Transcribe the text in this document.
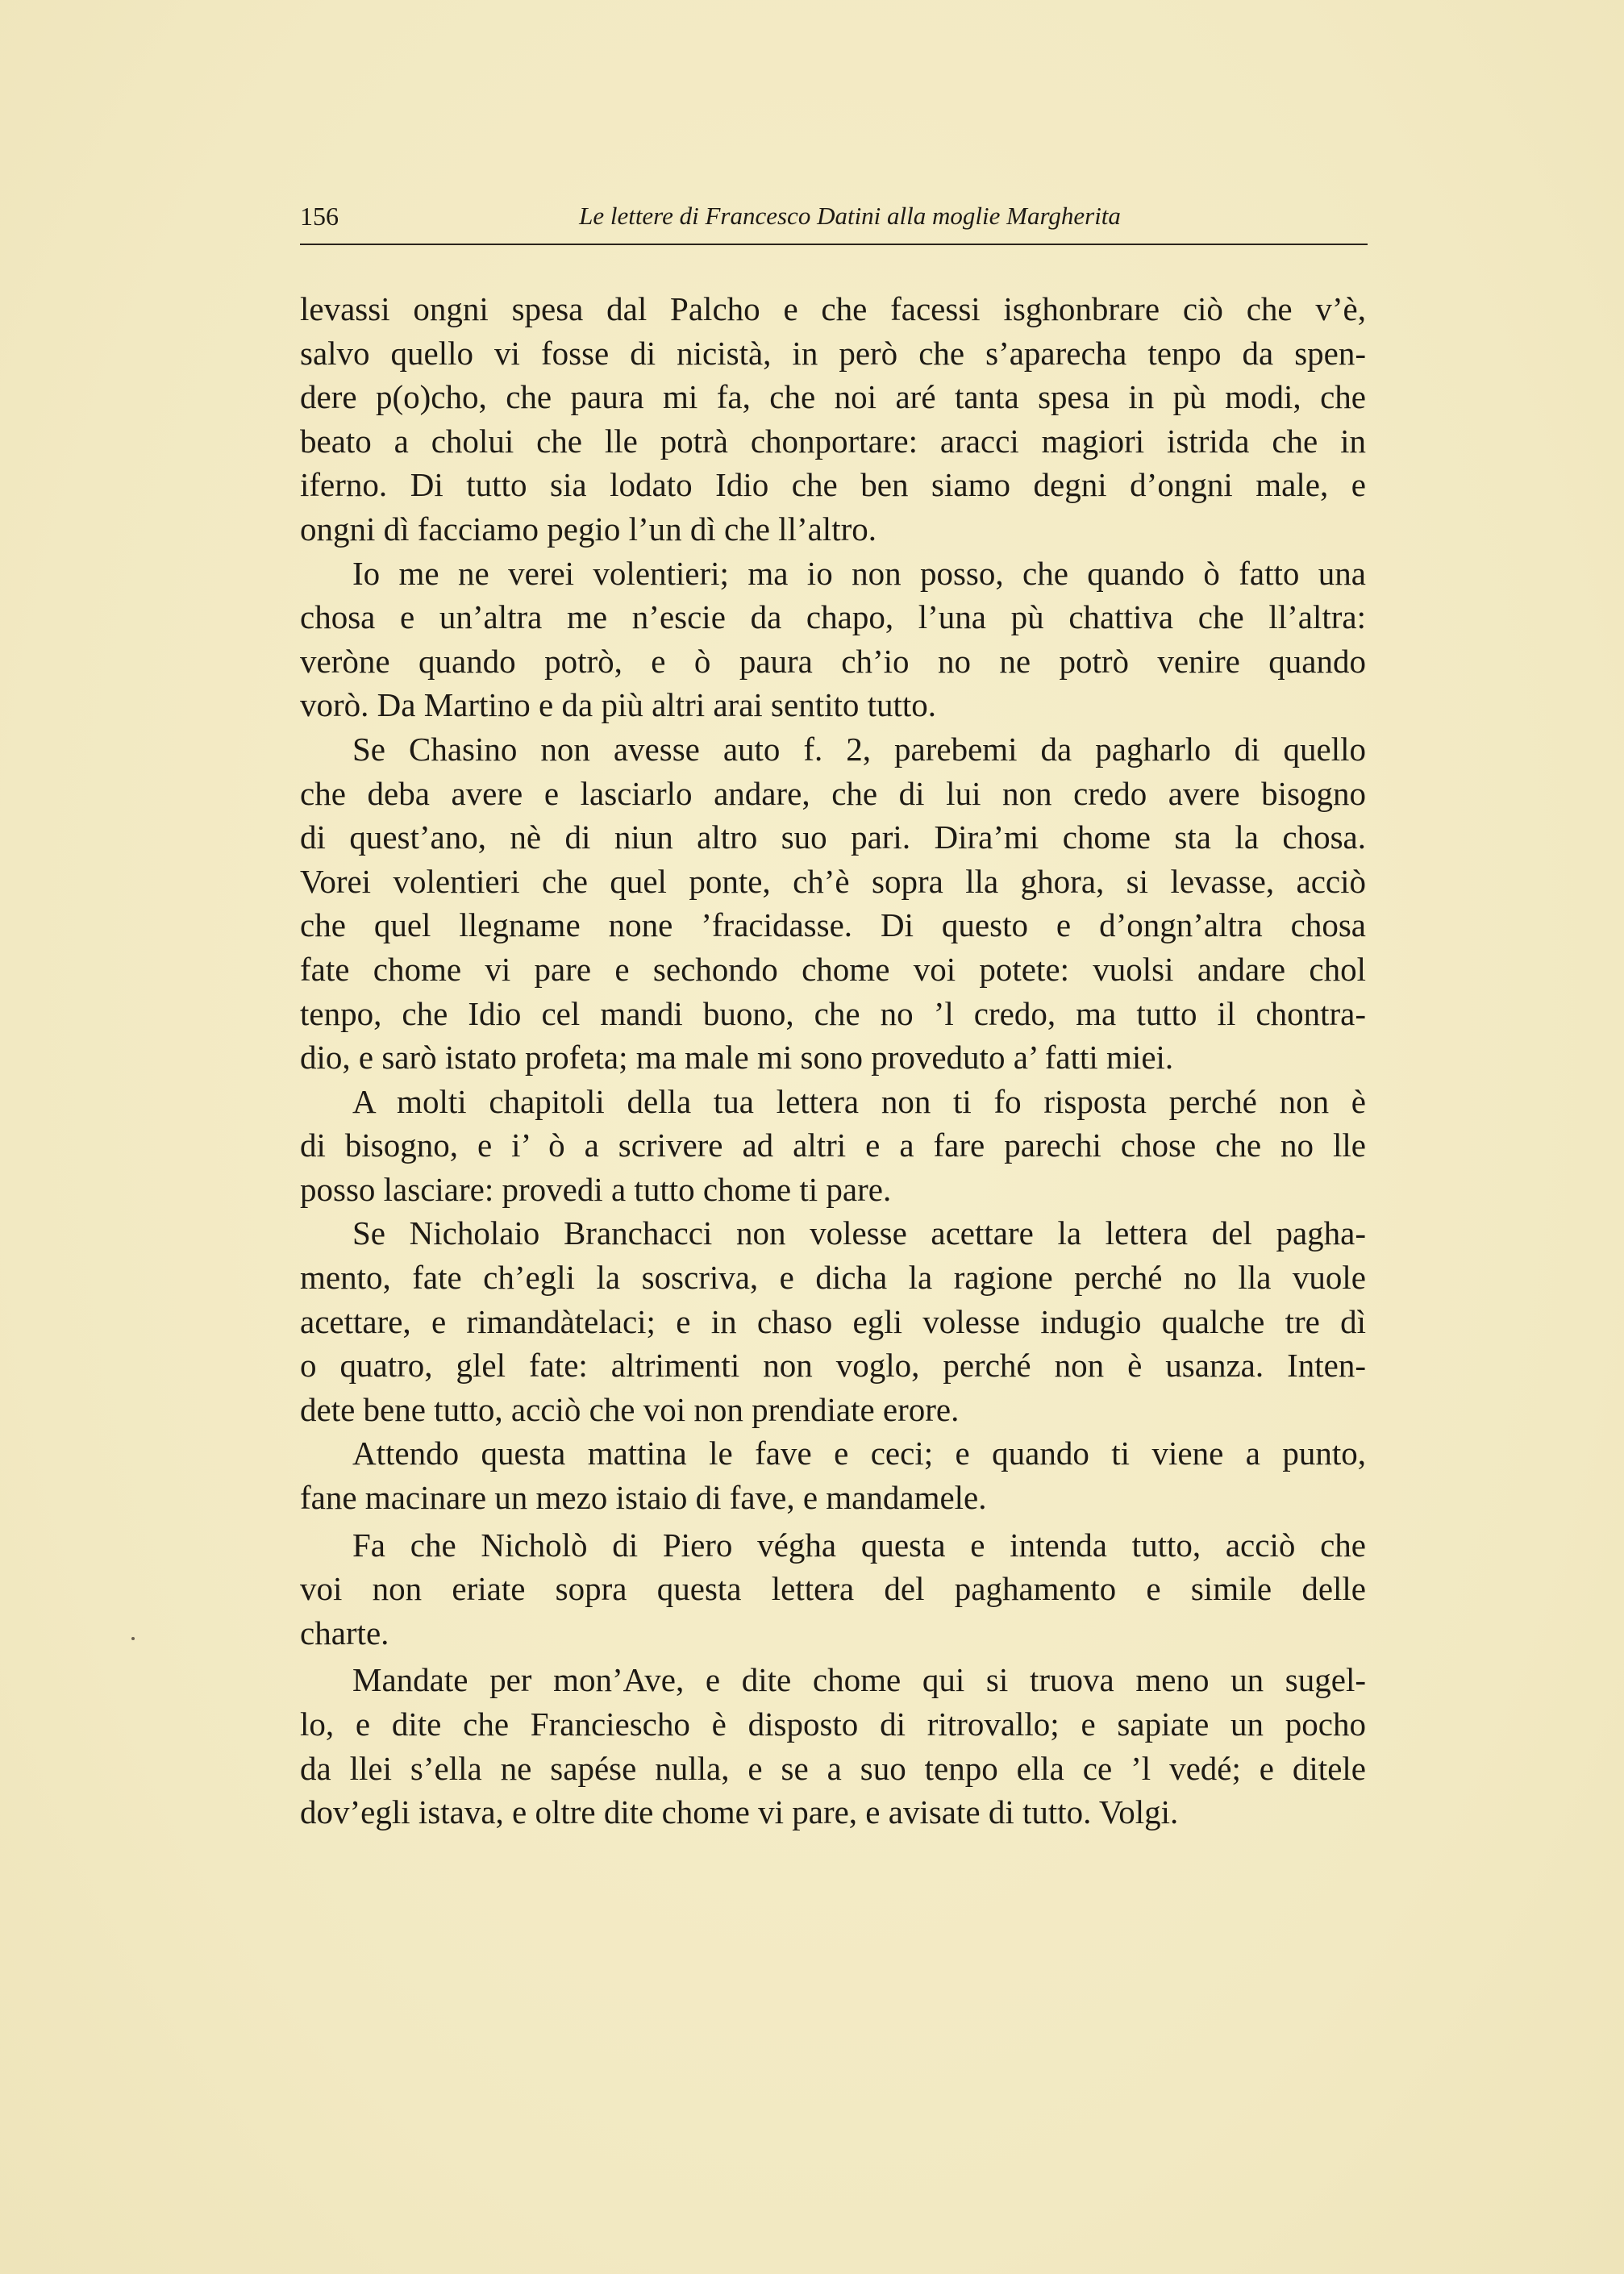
156	Le lettere di Francesco Datini alla moglie Margherita
levassi ongni spesa dal Palcho e che facessi isghonbrare ciò che v’è,
salvo quello vi fosse di nicistà, in però che s’aparecha tenpo da spen-
dere p(o)cho, che paura mi fa, che noi aré tanta spesa in pù modi, che
beato a cholui che lle potrà chonportare: aracci magiori istrida che in
iferno. Di tutto sia lodato Idio che ben siamo degni d’ongni male, e
ongni dì facciamo pegio l’un dì che ll’altro.
Io me ne verei volentieri; ma io non posso, che quando ò fatto una
chosa e un’altra me n’escie da chapo, l’una pù chattiva che ll’altra:
veròne quando potrò, e ò paura ch’io no ne potrò venire quando
vorò. Da Martino e da più altri arai sentito tutto.
Se Chasino non avesse auto f. 2, parebemi da pagharlo di quello
che deba avere e lasciarlo andare, che di lui non credo avere bisogno
di quest’ano, nè di niun altro suo pari. Dira’mi chome sta la chosa.
Vorei volentieri che quel ponte, ch’è sopra lla ghora, si levasse, acciò
che quel llegname none ’fracidasse. Di questo e d’ongn’altra chosa
fate chome vi pare e sechondo chome voi potete: vuolsi andare chol
tenpo, che Idio cel mandi buono, che no ’l credo, ma tutto il chontra-
dio, e sarò istato profeta; ma male mi sono proveduto a’ fatti miei.
A molti chapitoli della tua lettera non ti fo risposta perché non è
di bisogno, e i’ ò a scrivere ad altri e a fare parechi chose che no lle
posso lasciare: provedi a tutto chome ti pare.
Se Nicholaio Branchacci non volesse acettare la lettera del pagha-
mento, fate ch’egli la soscriva, e dicha la ragione perché no lla vuole
acettare, e rimandàtelaci; e in chaso egli volesse indugio qualche tre dì
o quatro, glel fate: altrimenti non voglo, perché non è usanza. Inten-
dete bene tutto, acciò che voi non prendiate erore.
Attendo questa mattina le fave e ceci; e quando ti viene a punto,
fane macinare un mezo istaio di fave, e mandamele.
Fa che Nicholò di Piero végha questa e intenda tutto, acciò che
voi non eriate sopra questa lettera del paghamento e simile delle
charte.
Mandate per mon’Ave, e dite chome qui si truova meno un sugel-
lo, e dite che Franciescho è disposto di ritrovallo; e sapiate un pocho
da llei s’ella ne sapése nulla, e se a suo tenpo ella ce ’l vedé; e ditele
dov’egli istava, e oltre dite chome vi pare, e avisate di tutto. Volgi.
